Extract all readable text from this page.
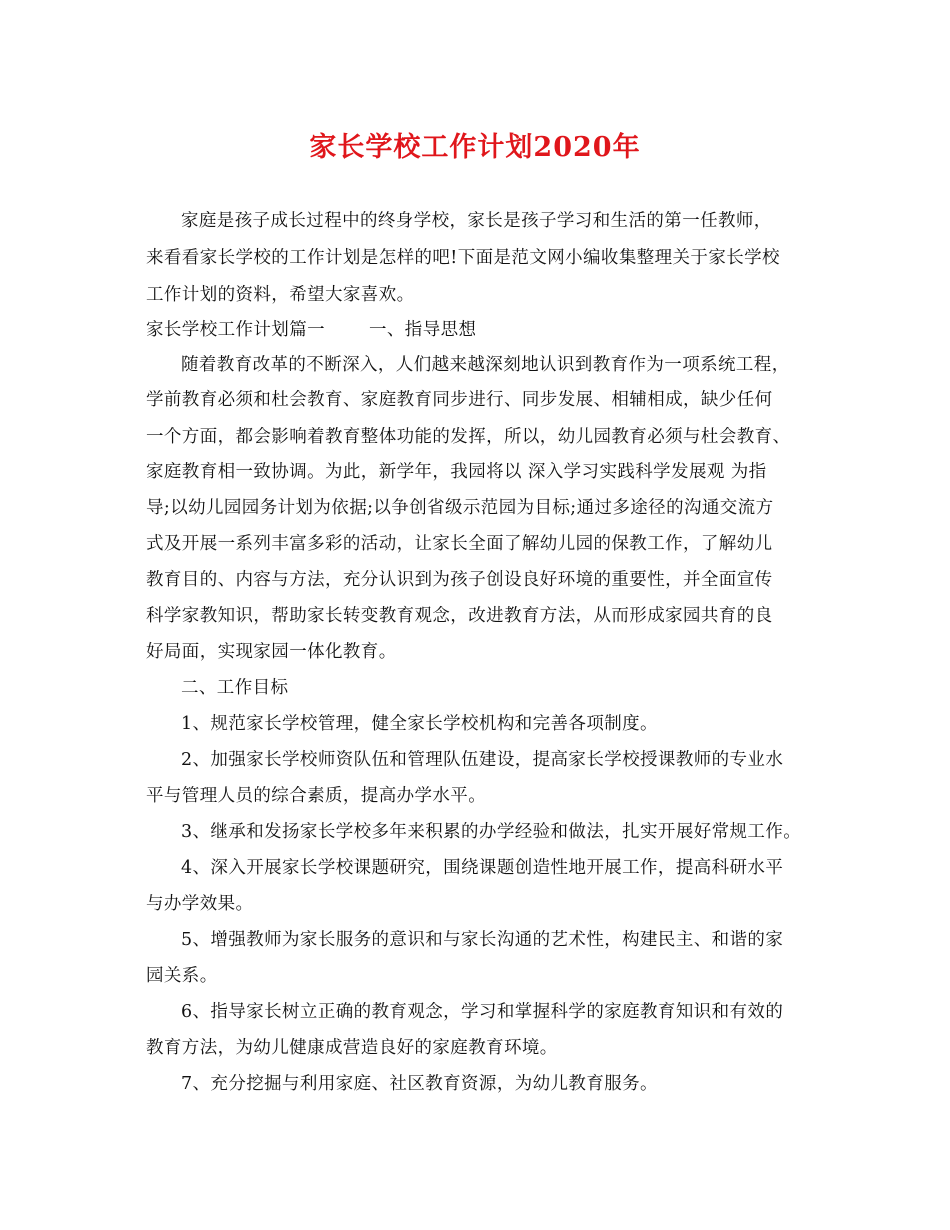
家长学校工作计划2020年
家庭是孩子成长过程中的终身学校，家长是孩子学习和生活的第一任教师，
来看看家长学校的工作计划是怎样的吧!下面是范文网小编收集整理关于家长学校
工作计划的资料，希望大家喜欢。
家长学校工作计划篇一	一、指导思想
随着教育改革的不断深入，人们越来越深刻地认识到教育作为一项系统工程，
学前教育必须和杜会教育、家庭教育同步进行、同步发展、相辅相成，缺少任何
一个方面，都会影响着教育整体功能的发挥，所以，幼儿园教育必须与杜会教育、
家庭教育相一致协调。为此，新学年，我园将以 深入学习实践科学发展观 为指
导;以幼儿园园务计划为依据;以争创省级示范园为目标;通过多途径的沟通交流方
式及开展一系列丰富多彩的活动，让家长全面了解幼儿园的保教工作，了解幼儿
教育目的、内容与方法，充分认识到为孩子创设良好环境的重要性，并全面宣传
科学家教知识，帮助家长转变教育观念，改进教育方法，从而形成家园共育的良
好局面，实现家园一体化教育。
二、工作目标
1、规范家长学校管理，健全家长学校机构和完善各项制度。
2、加强家长学校师资队伍和管理队伍建设，提高家长学校授课教师的专业水
平与管理人员的综合素质，提高办学水平。
3、继承和发扬家长学校多年来积累的办学经验和做法，扎实开展好常规工作。
4、深入开展家长学校课题研究，围绕课题创造性地开展工作，提高科研水平
与办学效果。
5、增强教师为家长服务的意识和与家长沟通的艺术性，构建民主、和谐的家
园关系。
6、指导家长树立正确的教育观念，学习和掌握科学的家庭教育知识和有效的
教育方法，为幼儿健康成营造良好的家庭教育环境。
7、充分挖掘与利用家庭、社区教育资源，为幼儿教育服务。
